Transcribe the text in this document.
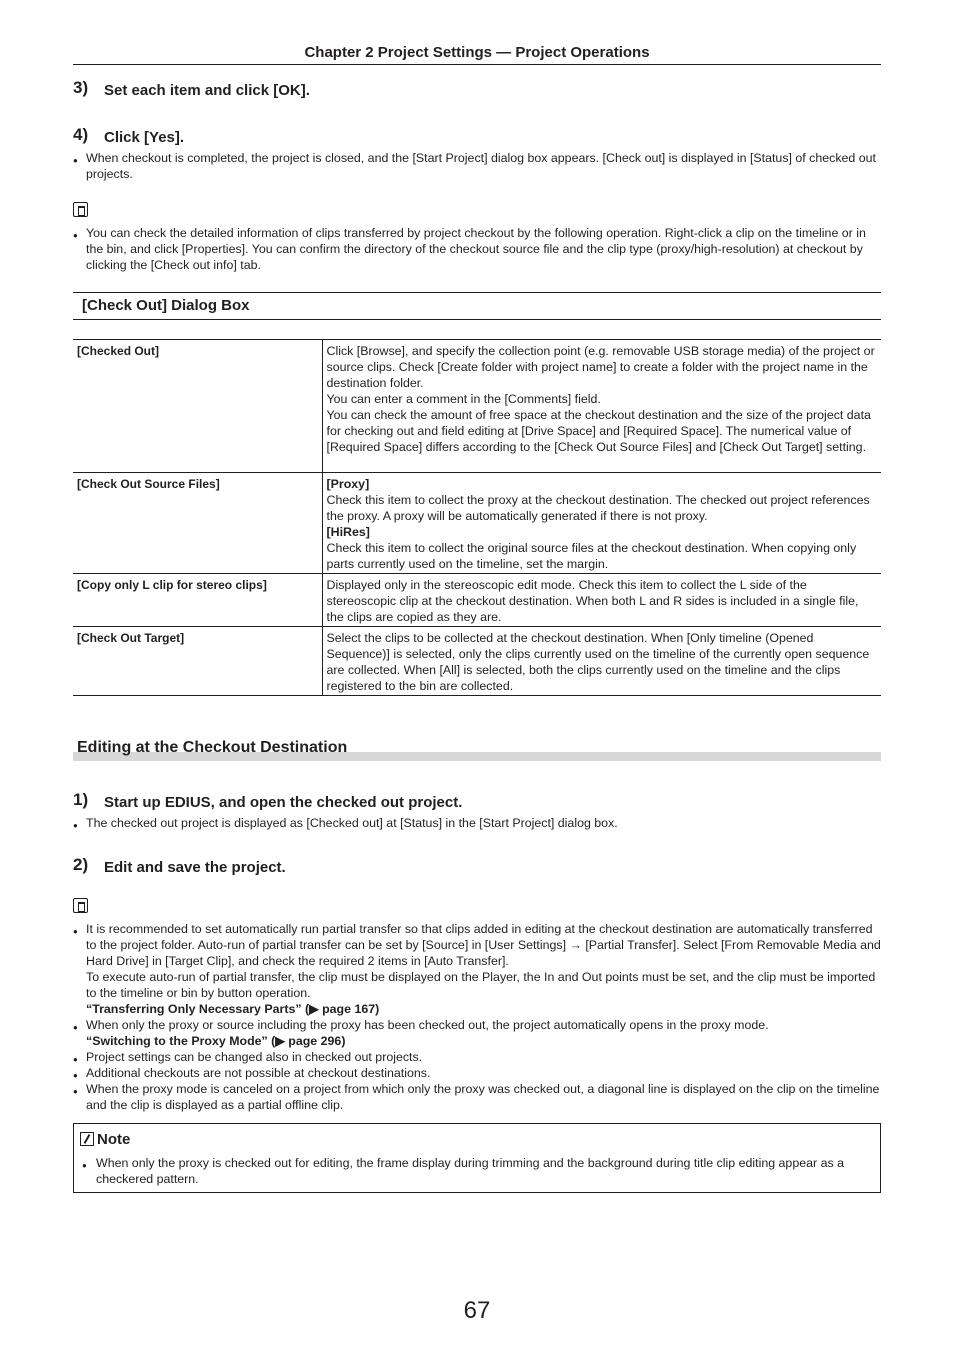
Chapter 2 Project Settings — Project Operations
3) Set each item and click [OK].
4) Click [Yes].
● When checkout is completed, the project is closed, and the [Start Project] dialog box appears. [Check out] is displayed in [Status] of checked out projects.
● You can check the detailed information of clips transferred by project checkout by the following operation. Right-click a clip on the timeline or in the bin, and click [Properties]. You can confirm the directory of the checkout source file and the clip type (proxy/high-resolution) at checkout by clicking the [Check out info] tab.
[Check Out] Dialog Box
[Checked Out]	Click [Browse], and specify the collection point (e.g. removable USB storage media) of the project or source clips. Check [Create folder with project name] to create a folder with the project name in the destination folder.
You can enter a comment in the [Comments] field.
You can check the amount of free space at the checkout destination and the size of the project data for checking out and field editing at [Drive Space] and [Required Space]. The numerical value of [Required Space] differs according to the [Check Out Source Files] and [Check Out Target] setting.

[Check Out Source Files]	[Proxy]
Check this item to collect the proxy at the checkout destination. The checked out project references the proxy. A proxy will be automatically generated if there is not proxy.
[HiRes]
Check this item to collect the original source files at the checkout destination. When copying only parts currently used on the timeline, set the margin.

[Copy only L clip for stereo clips]	Displayed only in the stereoscopic edit mode. Check this item to collect the L side of the stereoscopic clip at the checkout destination. When both L and R sides is included in a single file, the clips are copied as they are.
[Check Out Target]	Select the clips to be collected at the checkout destination. When [Only timeline (Opened Sequence)] is selected, only the clips currently used on the timeline of the currently open sequence are collected. When [All] is selected, both the clips currently used on the timeline and the clips registered to the bin are collected.
Editing at the Checkout Destination
1) Start up EDIUS, and open the checked out project.
● The checked out project is displayed as [Checked out] at [Status] in the [Start Project] dialog box.
2) Edit and save the project.
● It is recommended to set automatically run partial transfer so that clips added in editing at the checkout destination are automatically transferred to the project folder. Auto-run of partial transfer can be set by [Source] in [User Settings] → [Partial Transfer]. Select [From Removable Media and Hard Drive] in [Target Clip], and check the required 2 items in [Auto Transfer].
To execute auto-run of partial transfer, the clip must be displayed on the Player, the In and Out points must be set, and the clip must be imported to the timeline or bin by button operation.
“Transferring Only Necessary Parts” (▶ page 167)
● When only the proxy or source including the proxy has been checked out, the project automatically opens in the proxy mode.
“Switching to the Proxy Mode” (▶ page 296)
● Project settings can be changed also in checked out projects.
● Additional checkouts are not possible at checkout destinations.
● When the proxy mode is canceled on a project from which only the proxy was checked out, a diagonal line is displayed on the clip on the timeline and the clip is displayed as a partial offline clip.
Note
● When only the proxy is checked out for editing, the frame display during trimming and the background during title clip editing appear as a checkered pattern.
67
